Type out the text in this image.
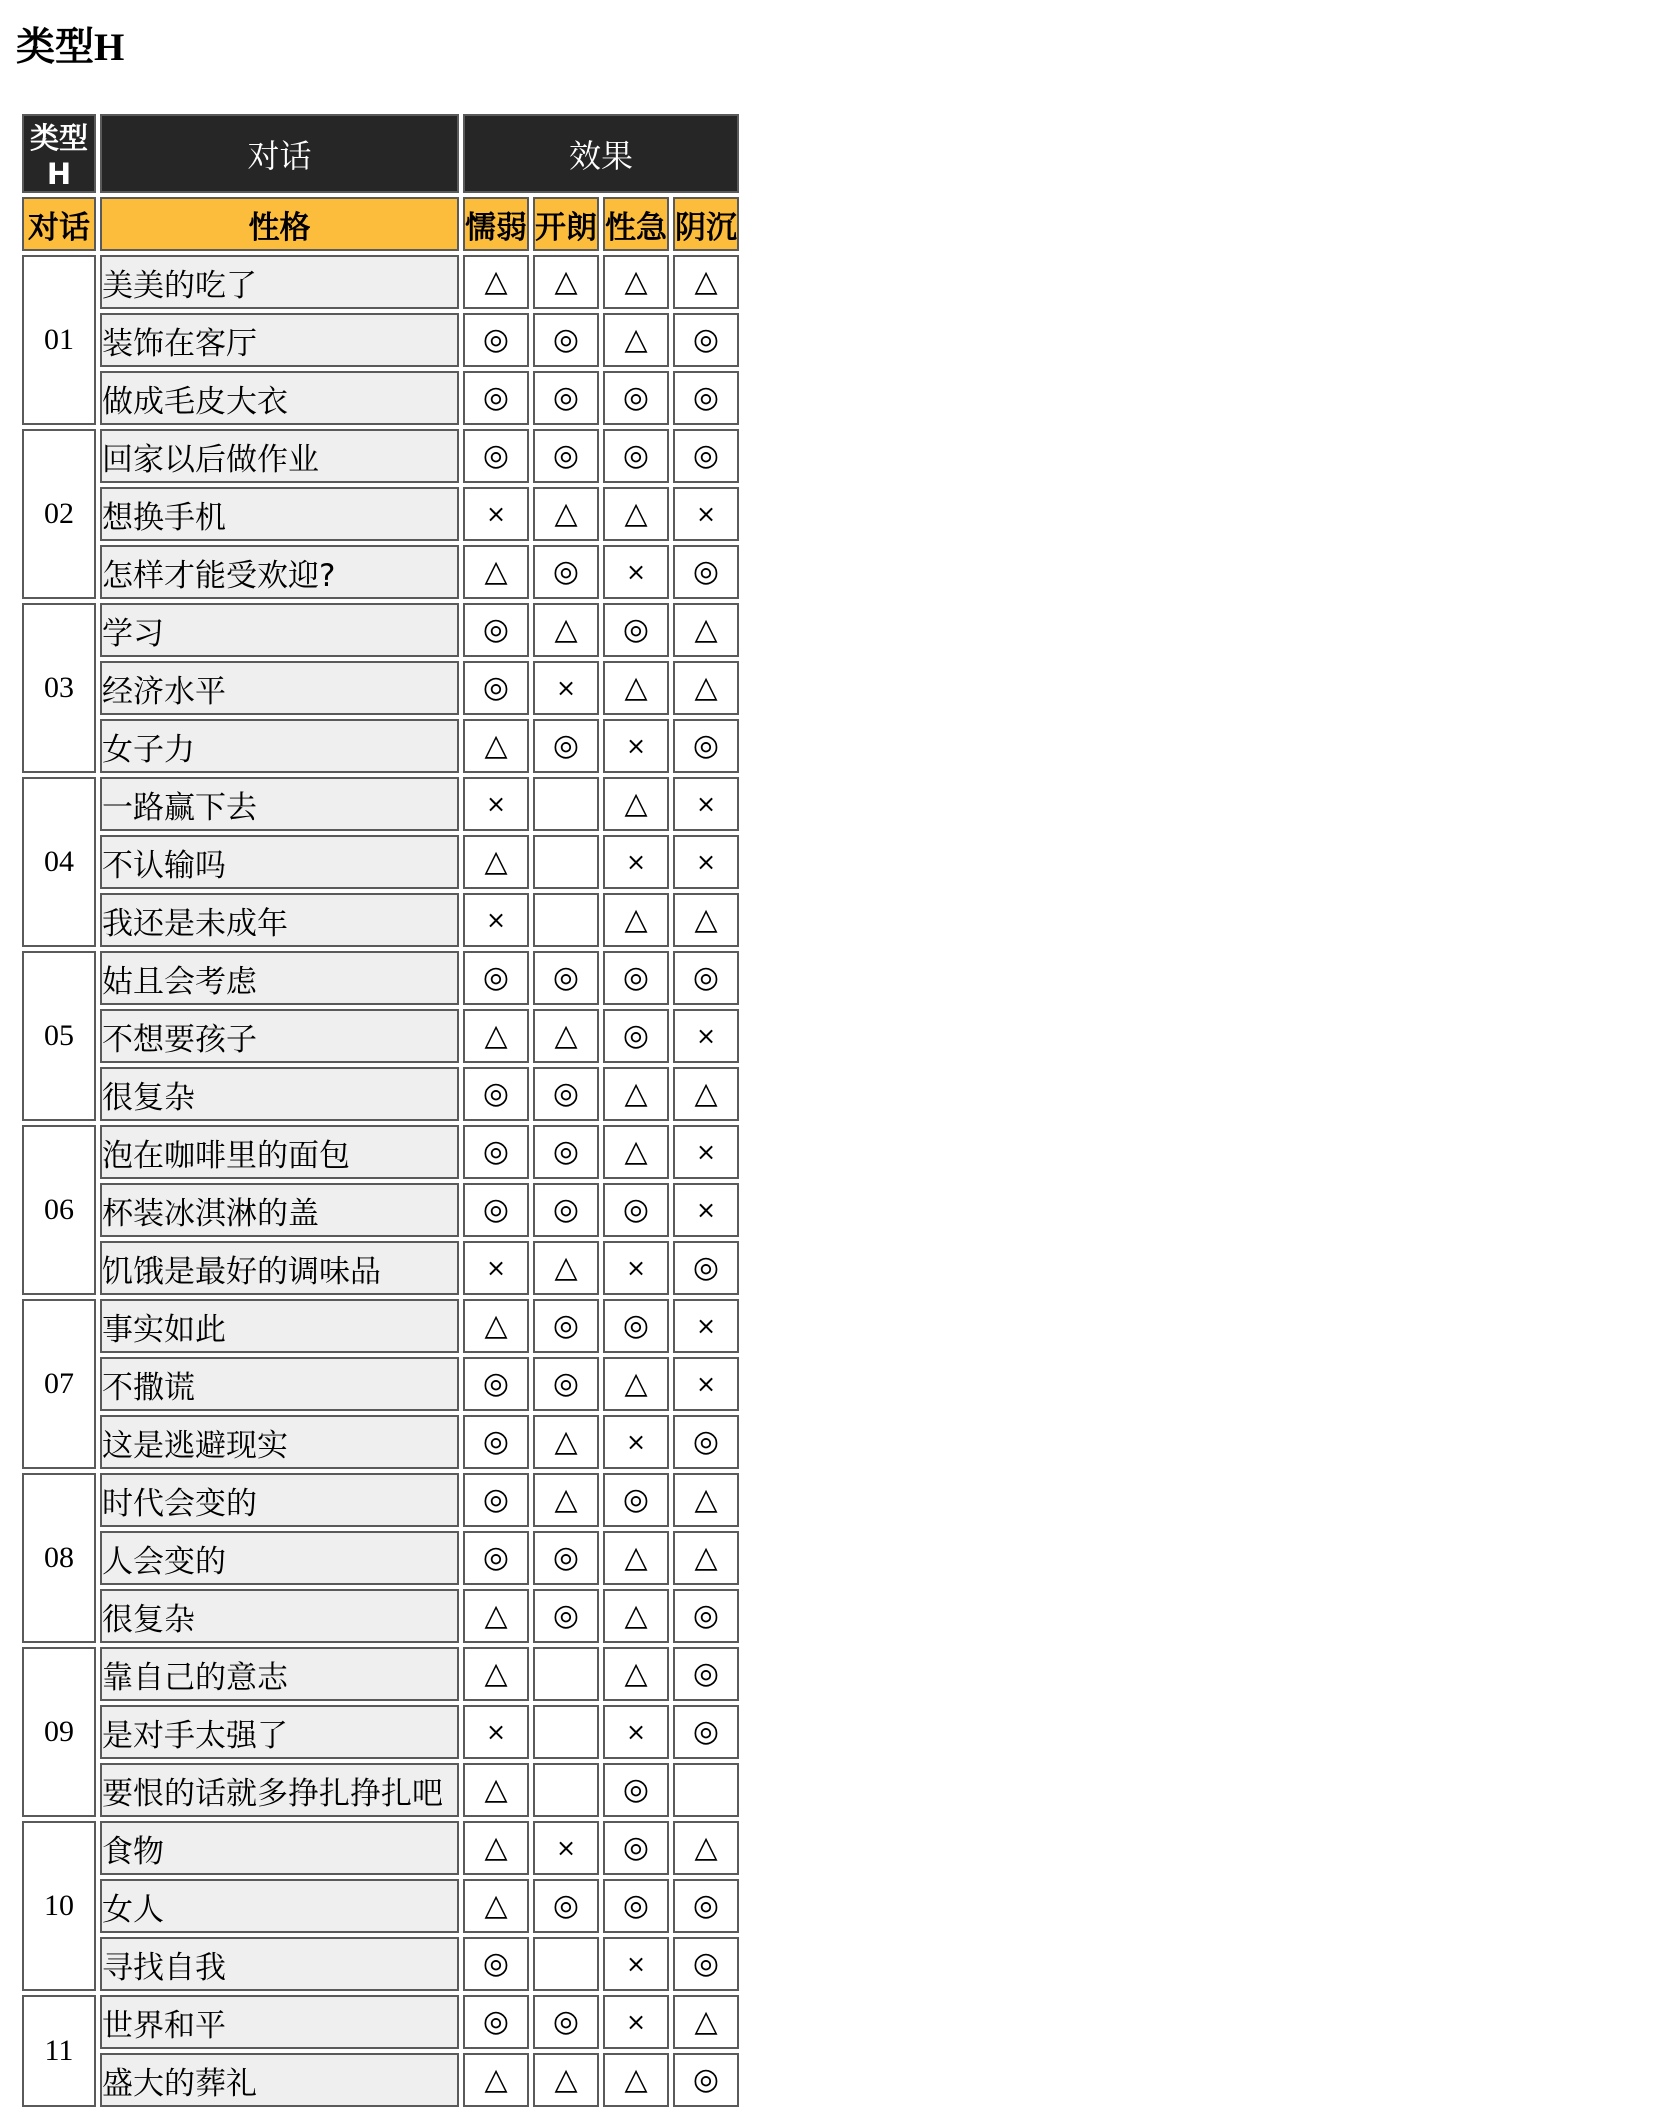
类型H
类型H	对话	效果			
对话	性格	懦弱	开朗	性急	阴沉
01	美美的吃了	△	△	△	△
	装饰在客厅	◎	◎	△	◎
	做成毛皮大衣	◎	◎	◎	◎
02	回家以后做作业	◎	◎	◎	◎
	想换手机	×	△	△	×
	怎样才能受欢迎?	△	◎	×	◎
03	学习	◎	△	◎	△
	经济水平	◎	×	△	△
	女子力	△	◎	×	◎
04	一路赢下去	×		△	×
	不认输吗	△		×	×
	我还是未成年	×		△	△
05	姑且会考虑	◎	◎	◎	◎
	不想要孩子	△	△	◎	×
	很复杂	◎	◎	△	△
06	泡在咖啡里的面包	◎	◎	△	×
	杯装冰淇淋的盖	◎	◎	◎	×
	饥饿是最好的调味品	×	△	×	◎
07	事实如此	△	◎	◎	×
	不撒谎	◎	◎	△	×
	这是逃避现实	◎	△	×	◎
08	时代会变的	◎	△	◎	△
	人会变的	◎	◎	△	△
	很复杂	△	◎	△	◎
09	靠自己的意志	△		△	◎
	是对手太强了	×		×	◎
	要恨的话就多挣扎挣扎吧	△		◎	
10	食物	△	×	◎	△
	女人	△	◎	◎	◎
	寻找自我	◎		×	◎
11	世界和平	◎	◎	×	△
	盛大的葬礼	△	△	△	◎
